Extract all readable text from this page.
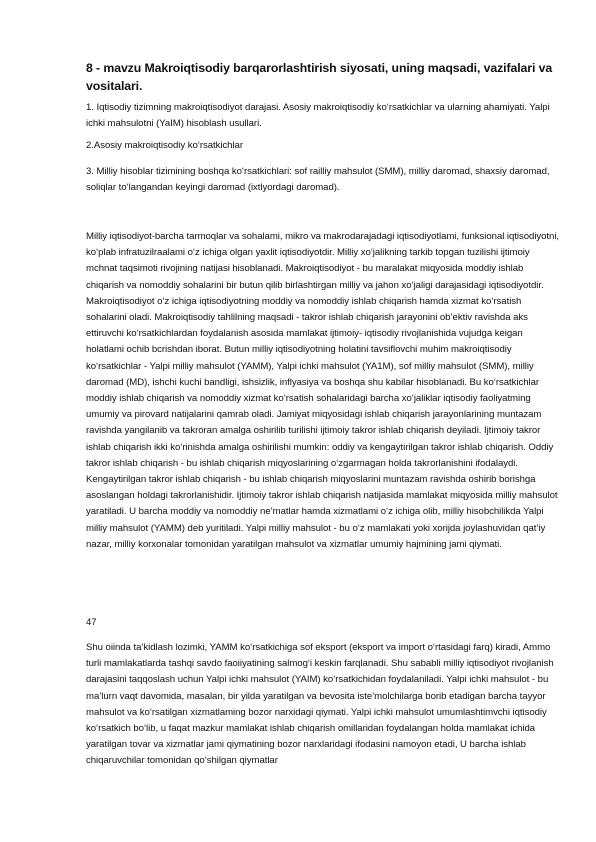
8 - mavzu Makroiqtisodiy barqarorlashtirish siyosati, uning maqsadi, vazifalari va vositalari.

1. Iqtisodiy tizimning makroiqtisodiyot darajasi. Asosiy makroiqtisodiy ko‘rsatkichlar va ularning ahamiyati. Yalpi ichki mahsulotni (YaIM) hisoblash usullari.

2.Asosiy makroiqtisodiy ko‘rsatkichlar

3. Milliy hisoblar tizimining boshqa ko‘rsatkichlari: sof railliy mahsulot (SMM), milliy daromad, shaxsiy daromad, soliqlar to‘langandan keyingi daromad (ixtlyordagi daromad).

Milliy iqtisodiyot-barcha tarmoqlar va sohalami, mikro va makrodarajadagi iqtisodiyotlami, funksional iqtisodiyotni, ko‘plab infratuzilraalami o‘z ichiga olgan yaxlit iqtisodiyotdir. Milliy xo‘jalikning tarkib topgan tuzilishi ijtimoiy mchnat taqsimoti rivojining natijasi hisoblanadi. Makroiqtisodiyot - bu maralakat miqyosida moddiy ishlab chiqarish va nomoddiy sohalarini bir butun qilib birlashtirgan milliy va jahon xo‘jaligi darajasidagi iqtisodiyotdir. Makroiqtisodiyot o‘z ichiga iqtisodiyotning moddiy va nomoddiy ishlab chiqarish hamda xizmat ko‘rsatish sohalarini oladi. Makroiqtisodiy tahlilning maqsadi - takror ishlab chiqarish jarayonini ob’ektiv ravishda aks ettiruvchi ko‘rsatkichlardan foydalanish asosida mamlakat ijtimoiy- iqtisodiy rivojlanishida vujudga keigan holatlami ochib bcrishdan iborat. Butun milliy iqtisodiyotning holatini tavsiflovchi muhim makroiqtisodiy ko‘rsatkichlar - Yalpi milliy mahsulot (YAMM), Yalpi ichki mahsulot (YA1M), sof milliy mahsulot (SMM), milliy daromad (MD), ishchi kuchi bandligi, ishsizlik, inflyasiya va boshqa shu kabilar hisoblanadi. Bu ko‘rsatkichlar moddiy ishlab chiqarish va nomoddiy xizmat ko‘rsatish sohalaridagi barcha xo‘jaliklar iqtisodiy faoliyatming umumiy va pirovard natijalarini qamrab oladi. Jamiyat miqyosidagi ishlab chiqarish jarayonlarining muntazam ravishda yangilanib va takroran amalga oshirilib turilishi ijtimoiy takror ishlab chiqarish deyiladi. Ijtimoiy takror ishlab chiqarish ikki ko‘rinishda amalga oshirilishi mumkin: oddiy va kengaytirilgan takror ishlab chiqarish. Oddiy takror ishlab chiqarish - bu ishlab chiqarish miqyoslarining o‘zgarmagan holda takrorlanishini ifodalaydi. Kengaytirilgan takror ishlab chiqarish - bu ishlab chiqarish miqyoslarini muntazam ravishda oshirib borishga asoslangan holdagi takrorlanishidir. Ijtimoiy takror ishlab chiqarish natijasida mamlakat miqyosida milliy mahsulot yaratiladi. U barcha moddiy va nomoddiy ne’matlar hamda xizmatlami o‘z ichiga olib, milliy hisobchilikda Yalpi milliy mahsulot (YAMM) deb yuritiladi. Yalpi milliy mahsulot - bu o‘z mamlakati yoki xorijda joylashuvidan qat’iy nazar, milliy korxonalar tomonidan yaratilgan mahsulot va xizmatlar umumiy hajmining jami qiymati.

47

Shu oiinda ta’kidlash lozimki, YAMM ko‘rsatkichiga sof eksport (eksport va import o‘rtasidagi farq) kiradi, Ammo turli mamlakatlarda tashqi savdo faoiiyatining salmog‘i keskin farqlanadi. Shu sababli milliy iqtisodiyot rivojlanish darajasini taqqoslash uchun Yalpi ichki mahsulot (YAIM) ko‘rsatkichidan foydalaniladi. Yalpi ichki mahsulot - bu ma’lurn vaqt davomida, masalan, bir yilda yaratilgan va bevosita iste’molchilarga borib etadigan barcha tayyor mahsulot va ko‘rsatilgan xizmatlaming bozor narxidagi qiymati. Yalpi ichki mahsulot umumlashtimvchi iqtisodiy ko‘rsatkich bo‘lib, u faqat mazkur mamlakat ishlab chiqarish omillaridan foydalangan holda mamlakat ichida yaratilgan tovar va xizmatlar jami qiymatining bozor narxlaridagi ifodasini namoyon etadi, U barcha ishlab chiqaruvchilar tomonidan qo‘shilgan qiymatlar
